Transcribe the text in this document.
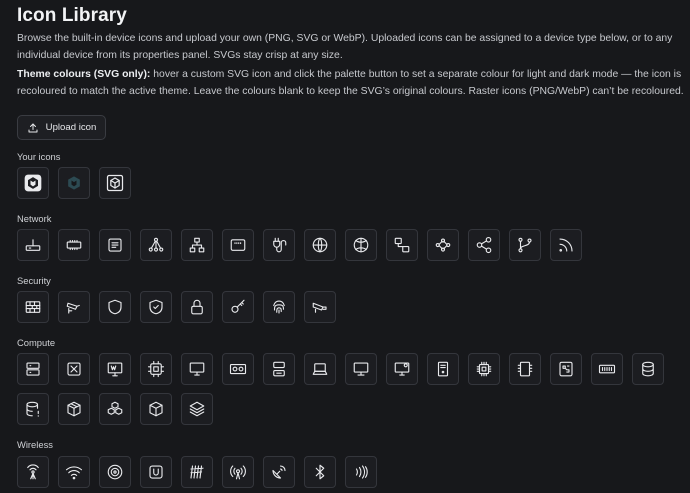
Icon Library

Browse the built-in device icons and upload your own (PNG, SVG or WebP). Uploaded icons can be assigned to a device type below, or to any individual device from its properties panel. SVGs stay crisp at any size.

Theme colours (SVG only): hover a custom SVG icon and click the palette button to set a separate colour for light and dark mode — the icon is recoloured to match the active theme. Leave the colours blank to keep the SVG’s original colours. Raster icons (PNG/WebP) can’t be recoloured.

Upload icon
Your icons
Network
Security
Compute
Wireless
